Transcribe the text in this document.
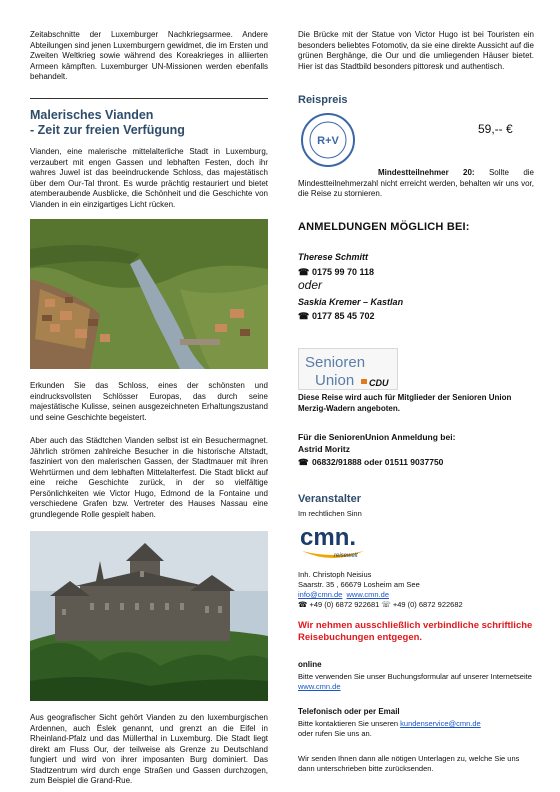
Zeitabschnitte der Luxemburger Nachkriegsarmee. Andere Abteilungen sind jenen Luxemburgern gewidmet, die im Ersten und Zweiten Weltkrieg sowie während des Koreakrieges in alliierten Armeen kämpften. Luxemburger UN-Missionen werden ebenfalls behandelt.

Malerisches Vianden
- Zeit zur freien Verfügung

Vianden, eine malerische mittelalterliche Stadt in Luxemburg, verzaubert mit engen Gassen und lebhaften Festen, doch ihr wahres Juwel ist das beeindruckende Schloss, das majestätisch über dem Our-Tal thront. Es wurde prächtig restauriert und bietet atemberaubende Ausblicke, die Schönheit und die Geschichte von Vianden in ein einzigartiges Licht rücken.

Erkunden Sie das Schloss, eines der schönsten und eindrucksvollsten Schlösser Europas, das durch seine majestätische Kulisse, seinen ausgezeichneten Erhaltungszustand und seine Geschichte begeistert.

Aber auch das Städtchen Vianden selbst ist ein Besuchermagnet. Jährlich strömen zahlreiche Besucher in die historische Altstadt, fasziniert von den malerischen Gassen, der Stadtmauer mit ihren Wehrtürmen und dem lebhaften Mittelalterfest. Die Stadt blickt auf eine reiche Geschichte zurück, in der so vielfältige Persönlichkeiten wie Victor Hugo, Edmond de la Fontaine und verschiedene Grafen bzw. Vertreter des Hauses Nassau eine grundlegende Rolle gespielt haben.

Aus geografischer Sicht gehört Vianden zu den luxemburgischen Ardennen, auch Ëslek genannt, und grenzt an die Eifel in Rheinland-Pfalz und das Müllerthal in Luxemburg. Die Stadt liegt direkt am Fluss Our, der teilweise als Grenze zu Deutschland fungiert und wird von ihrer imposanten Burg dominiert. Das Stadtzentrum wird durch enge Straßen und Gassen durchzogen, zum Beispiel die Grand-Rue.

Die Brücke mit der Statue von Victor Hugo ist bei Touristen ein besonders beliebtes Fotomotiv, da sie eine direkte Aussicht auf die grünen Berghänge, die Our und die umliegenden Häuser bietet. Hier ist das Stadtbild besonders pittoresk und authentisch.

Reispreis
R+V
59,-- €

Mindestteilnehmer 20: Sollte die Mindestteilnehmerzahl nicht erreicht werden, behalten wir uns vor, die Reise zu stornieren.

ANMELDUNGEN MÖGLICH BEI:
Therese Schmitt
☎ 0175 99 70 118
oder
Saskia Kremer – Kastlan
☎ 0177 85 45 702
Senioren
Union CDU

Diese Reise wird auch für Mitglieder der Senioren Union Merzig-Wadern angeboten.

Für die SeniorenUnion Anmeldung bei:
Astrid Moritz
☎ 06832/91888 oder 01511 9037750
Veranstalter
Im rechtlichen Sinn
cmn.
reisewelt
Inh. Christoph Neisius
Saarstr. 35 , 66679 Losheim am See
info@cmn.de www.cmn.de
☎ +49 (0) 6872 922681 ☏ +49 (0) 6872 922682

Wir nehmen ausschließlich verbindliche schriftliche Reisebuchungen entgegen.

online

Bitte verwenden Sie unser Buchungsformular auf unserer Internetseite
www.cmn.de

Telefonisch oder per Email

Bitte kontaktieren Sie unseren kundenservice@cmn.de
oder rufen Sie uns an.

Wir senden Ihnen dann alle nötigen Unterlagen zu, welche Sie uns dann unterschrieben bitte zurücksenden.
